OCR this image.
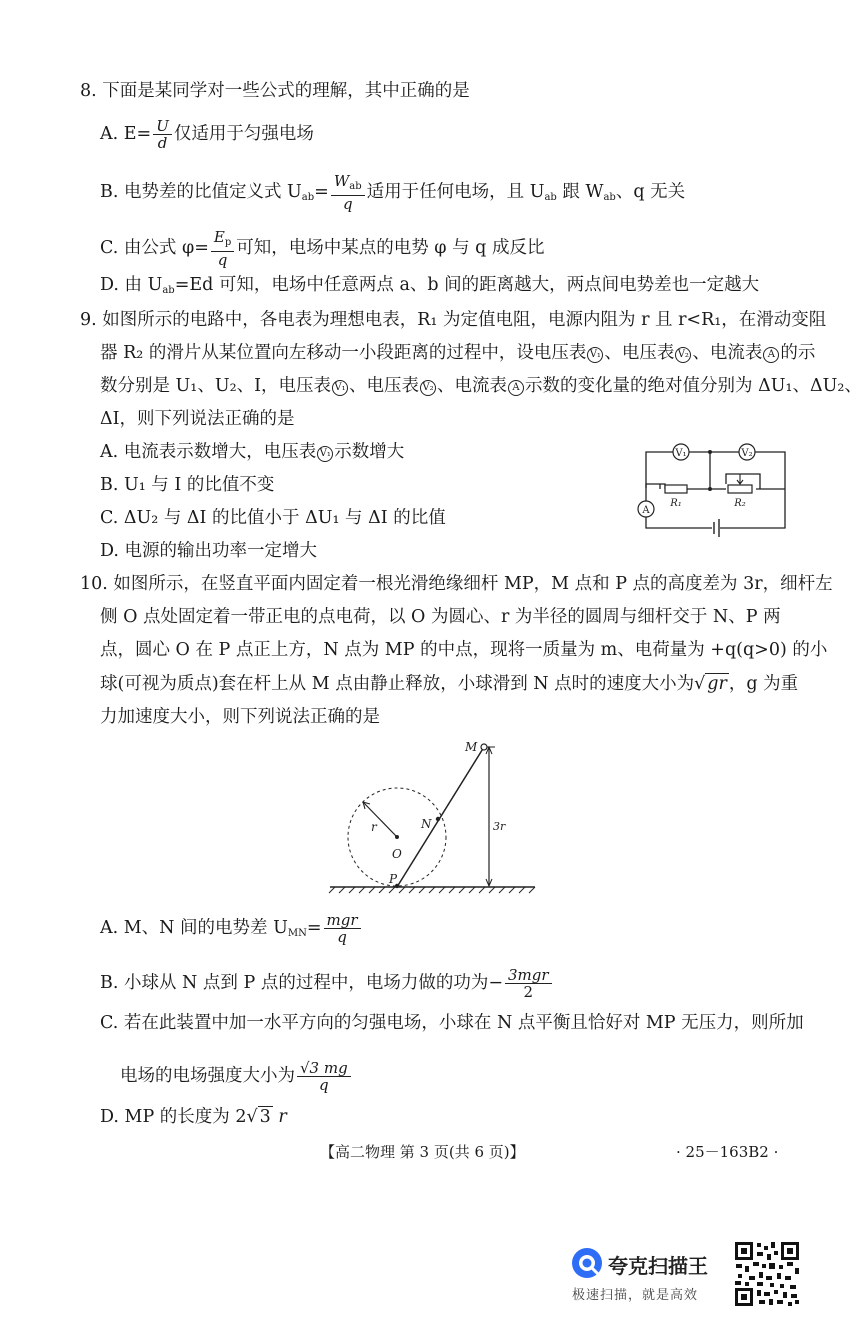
8. 下面是某同学对一些公式的理解，其中正确的是
A. $E= \frac{U}{d}$ 仅适用于匀强电场
B. 电势差的比值定义式 $U_{ab}= \frac{W_{ab}}{q}$ 适用于任何电场，且 $U_{ab}$ 跟 $W_{ab}$、q 无关
C. 由公式 $\varphi= \frac{E_p}{q}$ 可知，电场中某点的电势 φ 与 q 成反比
D. 由 $U_{ab}=Ed$ 可知，电场中任意两点 a、b 间的距离越大，两点间电势差也一定越大
9. 如图所示的电路中，各电表为理想电表，R₁ 为定值电阻，电源内阻为 r 且 r<R₁，在滑动变阻
器 R₂ 的滑片从某位置向左移动一小段距离的过程中，设电压表 V₁ 、电压表 V₂ 、电流表 A 的示
数分别是 U₁、U₂、I，电压表 V₁ 、电压表 V₂ 、电流表 A 示数的变化量的绝对值分别为 ΔU₁、ΔU₂、
ΔI，则下列说法正确的是
A. 电流表示数增大，电压表 V₁ 示数增大
B. U₁ 与 I 的比值不变
C. ΔU₂ 与 ΔI 的比值小于 ΔU₁ 与 ΔI 的比值
D. 电源的输出功率一定增大
V₁	V₂
A
R₁	R₂
10. 如图所示，在竖直平面内固定着一根光滑绝缘细杆 MP，M 点和 P 点的高度差为 3r，细杆左
侧 O 点处固定着一带正电的点电荷，以 O 为圆心、r 为半径的圆周与细杆交于 N、P 两
点，圆心 O 在 P 点正上方，N 点为 MP 的中点，现将一质量为 m、电荷量为 +q(q>0) 的小
球(可视为质点)套在杆上从 M 点由静止释放，小球滑到 N 点时的速度大小为√ gr ，g 为重
力加速度大小，则下列说法正确的是
M
N
O
P
r	3r
A. M、N 间的电势差 $U_{MN}= \frac{\text{mgr}}{q}$
B. 小球从 N 点到 P 点的过程中，电场力做的功为− $\frac{\text{3mgr}}{2}$
C. 若在此装置中加一水平方向的匀强电场，小球在 N 点平衡且恰好对 MP 无压力，则所加
电场的电场强度大小为 $\frac{√3 mg}{q}$
D. MP 的长度为 2√ 3 r
【高二物理 第 3 页(共 6 页)】	· 25－163B2 ·
夸克扫描王
极速扫描，就是高效
